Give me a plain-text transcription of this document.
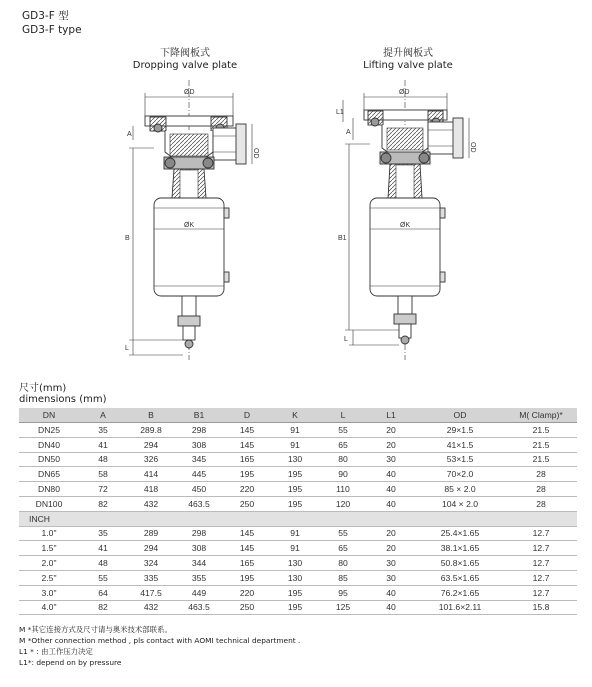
GD3-F 型
GD3-F type
下降阀板式
Dropping valve plate
提升阀板式
Lifting valve plate
ØD
A
OD
ØK
B
L
ØD
L1
A
OD
ØK
B1
L
尺寸(mm)
dimensions (mm)
DN	A	B	B1	D	K	L	L1	OD	M( Clamp)*
DN25	35	289.8	298	145	91	55	20	29×1.5	21.5
DN40	41	294	308	145	91	65	20	41×1.5	21.5
DN50	48	326	345	165	130	80	30	53×1.5	21.5
DN65	58	414	445	195	195	90	40	70×2.0	28
DN80	72	418	450	220	195	110	40	85 × 2.0	28
DN100	82	432	463.5	250	195	120	40	104 × 2.0	28
INCH									
1.0"	35	289	298	145	91	55	20	25.4×1.65	12.7
1.5"	41	294	308	145	91	65	20	38.1×1.65	12.7
2.0"	48	324	344	165	130	80	30	50.8×1.65	12.7
2.5"	55	335	355	195	130	85	30	63.5×1.65	12.7
3.0"	64	417.5	449	220	195	95	40	76.2×1.65	12.7
4.0"	82	432	463.5	250	195	125	40	101.6×2.11	15.8
M *其它连接方式及尺寸请与奥米技术部联系。
M *Other connection method , pls contact with AOMI technical department .
L1 * : 由工作压力决定
L1*: depend on by pressure
